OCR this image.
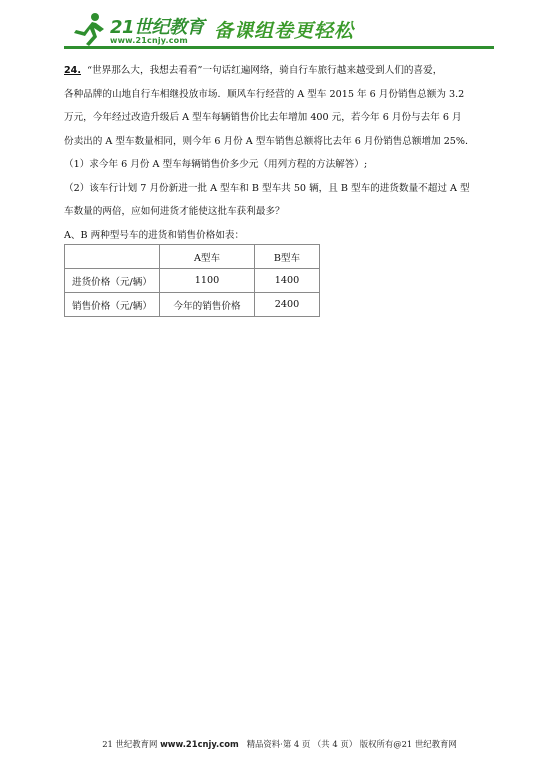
21世纪教育
www.21cnjy.com 备课组卷更轻松

24. “世界那么大，我想去看看”一句话红遍网络，骑自行车旅行越来越受到人们的喜爱，

各种品牌的山地自行车相继投放市场．顺风车行经营的 A 型车 2015 年 6 月份销售总额为 3.2

万元，今年经过改造升级后 A 型车每辆销售价比去年增加 400 元，若今年 6 月份与去年 6 月

份卖出的 A 型车数量相同，则今年 6 月份 A 型车销售总额将比去年 6 月份销售总额增加 25%．

（1）求今年 6 月份 A 型车每辆销售价多少元（用列方程的方法解答）;

（2）该车行计划 7 月份新进一批 A 型车和 B 型车共 50 辆，且 B 型车的进货数量不超过 A 型

车数量的两倍，应如何进货才能使这批车获利最多？

A、B 两种型号车的进货和销售价格如表：

	A型车	B型车
进货价格（元/辆）	1100	1400
销售价格（元/辆）	今年的销售价格	2400
21 世纪教育网 www.21cnjy.com 精品资料·第 4 页 （共 4 页） 版权所有@21 世纪教育网
